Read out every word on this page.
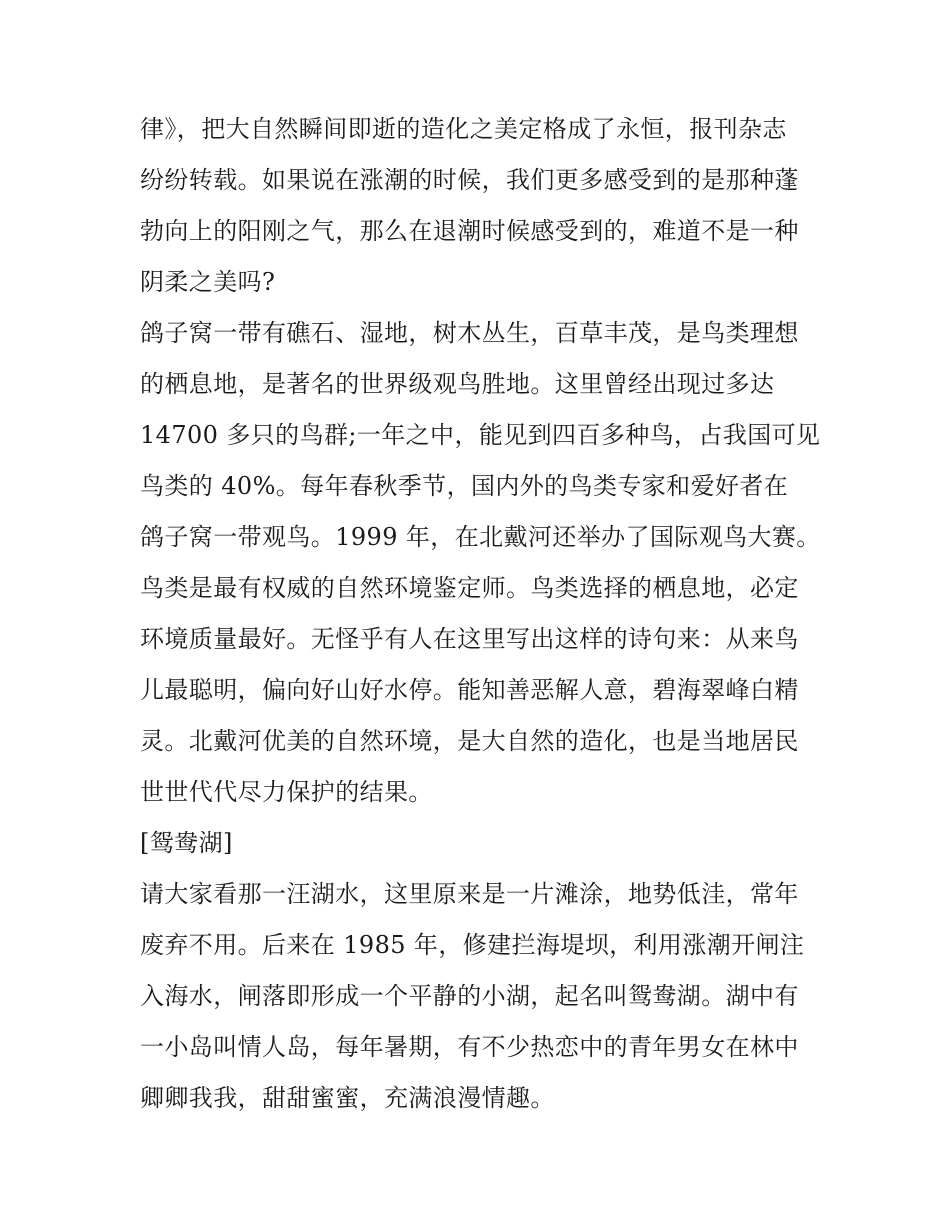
律》，把大自然瞬间即逝的造化之美定格成了永恒，报刊杂志
纷纷转载。如果说在涨潮的时候，我们更多感受到的是那种蓬
勃向上的阳刚之气，那么在退潮时候感受到的，难道不是一种
阴柔之美吗?
鸽子窝一带有礁石、湿地，树木丛生，百草丰茂，是鸟类理想
的栖息地，是著名的世界级观鸟胜地。这里曾经出现过多达
14700 多只的鸟群;一年之中，能见到四百多种鸟，占我国可见
鸟类的 40%。每年春秋季节，国内外的鸟类专家和爱好者在
鸽子窝一带观鸟。1999 年，在北戴河还举办了国际观鸟大赛。
鸟类是最有权威的自然环境鉴定师。鸟类选择的栖息地，必定
环境质量最好。无怪乎有人在这里写出这样的诗句来：从来鸟
儿最聪明，偏向好山好水停。能知善恶解人意，碧海翠峰白精
灵。北戴河优美的自然环境，是大自然的造化，也是当地居民
世世代代尽力保护的结果。
[鸳鸯湖]
请大家看那一汪湖水，这里原来是一片滩涂，地势低洼，常年
废弃不用。后来在 1985 年，修建拦海堤坝，利用涨潮开闸注
入海水，闸落即形成一个平静的小湖，起名叫鸳鸯湖。湖中有
一小岛叫情人岛，每年暑期，有不少热恋中的青年男女在林中
卿卿我我，甜甜蜜蜜，充满浪漫情趣。
